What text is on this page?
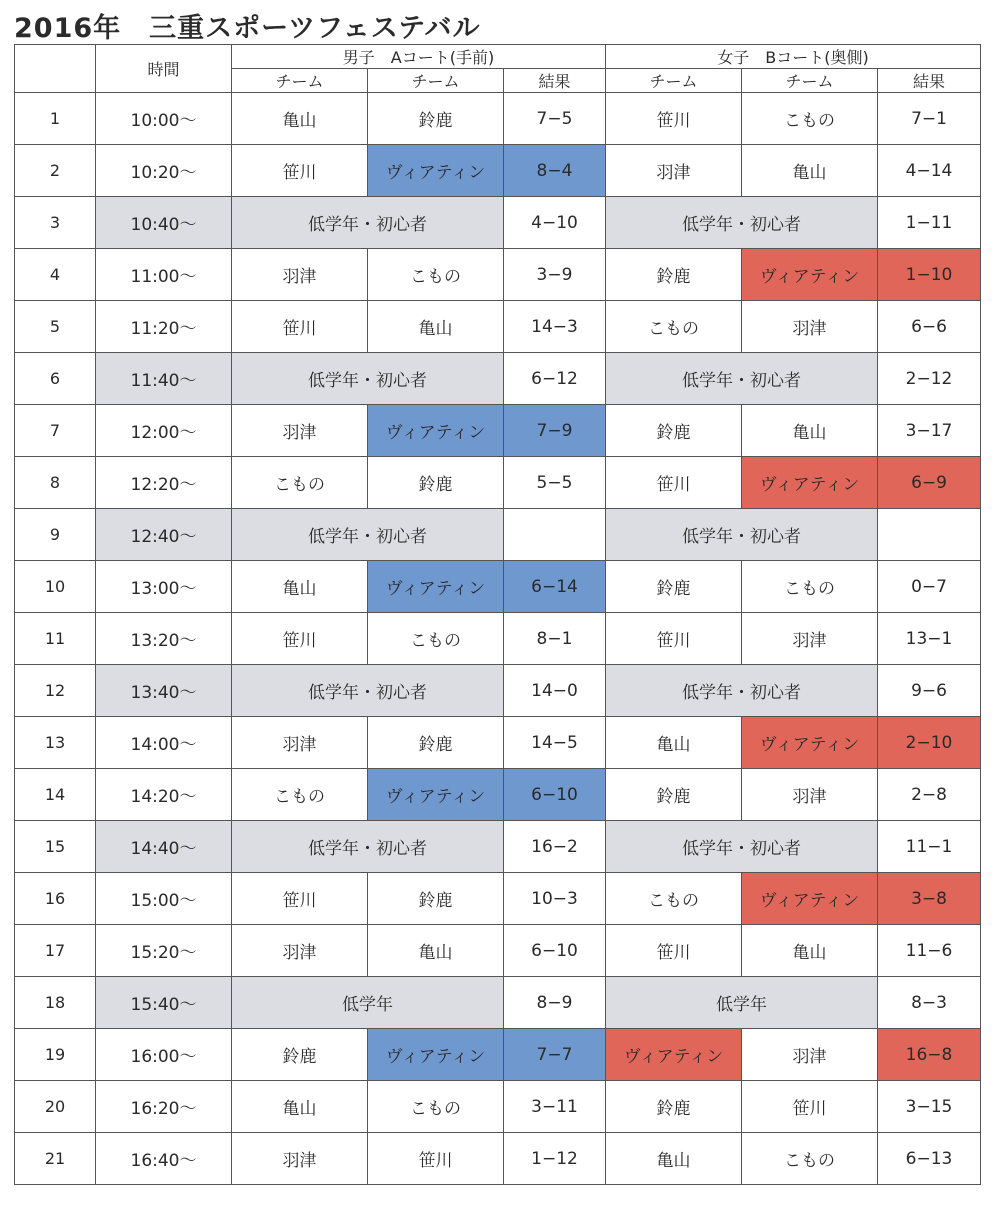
2016年　三重スポーツフェステバル
	時間	男子　Aコート(手前)			女子　Bコート(奥側)		
		チーム	チーム	結果	チーム	チーム	結果
1	10:00〜	亀山	鈴鹿	7−5	笹川	こもの	7−1
2	10:20〜	笹川	ヴィアティン	8−4	羽津	亀山	4−14
3	10:40〜	低学年・初心者		4−10	低学年・初心者		1−11
4	11:00〜	羽津	こもの	3−9	鈴鹿	ヴィアティン	1−10
5	11:20〜	笹川	亀山	14−3	こもの	羽津	6−6
6	11:40〜	低学年・初心者		6−12	低学年・初心者		2−12
7	12:00〜	羽津	ヴィアティン	7−9	鈴鹿	亀山	3−17
8	12:20〜	こもの	鈴鹿	5−5	笹川	ヴィアティン	6−9
9	12:40〜	低学年・初心者			低学年・初心者		
10	13:00〜	亀山	ヴィアティン	6−14	鈴鹿	こもの	0−7
11	13:20〜	笹川	こもの	8−1	笹川	羽津	13−1
12	13:40〜	低学年・初心者		14−0	低学年・初心者		9−6
13	14:00〜	羽津	鈴鹿	14−5	亀山	ヴィアティン	2−10
14	14:20〜	こもの	ヴィアティン	6−10	鈴鹿	羽津	2−8
15	14:40〜	低学年・初心者		16−2	低学年・初心者		11−1
16	15:00〜	笹川	鈴鹿	10−3	こもの	ヴィアティン	3−8
17	15:20〜	羽津	亀山	6−10	笹川	亀山	11−6
18	15:40〜	低学年		8−9	低学年		8−3
19	16:00〜	鈴鹿	ヴィアティン	7−7	ヴィアティン	羽津	16−8
20	16:20〜	亀山	こもの	3−11	鈴鹿	笹川	3−15
21	16:40〜	羽津	笹川	1−12	亀山	こもの	6−13
